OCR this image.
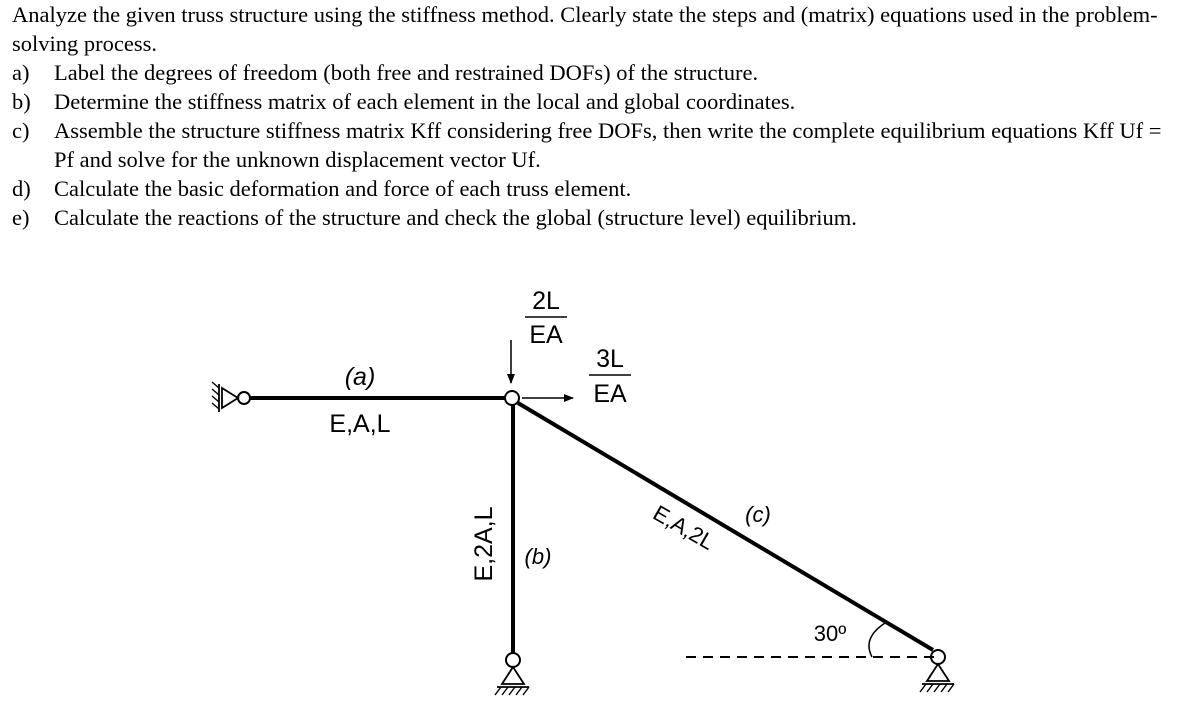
Analyze the given truss structure using the stiffness method. Clearly state the steps and (matrix) equations used in the problem-solving process.

a)	Label the degrees of freedom (both free and restrained DOFs) of the structure.
b)	Determine the stiffness matrix of each element in the local and global coordinates.
c)	Assemble the structure stiffness matrix Kff considering free DOFs, then write the complete equilibrium equations Kff Uf = Pf and solve for the unknown displacement vector Uf.
d)	Calculate the basic deformation and force of each truss element.
e)	Calculate the reactions of the structure and check the global (structure level) equilibrium.
2L
EA
3L
EA
(a)
E,A,L
E,2A,L (b)
E,A,2L (c)
30º
